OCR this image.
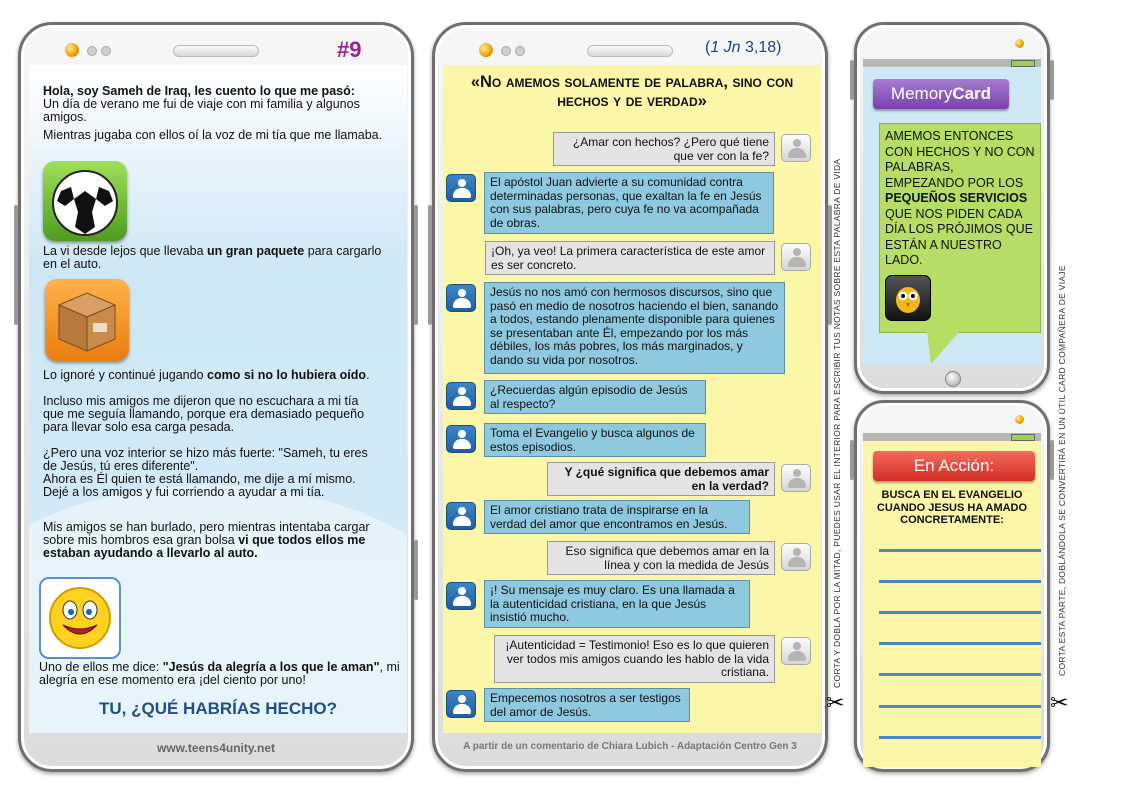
#9
Hola, soy Sameh de Iraq, les cuento lo que me pasó:
Un día de verano me fui de viaje con mi familia y algunos amigos.
Mientras jugaba con ellos oí la voz de mi tía que me llamaba.
La vi desde lejos que llevaba un gran paquete para cargarlo en el auto.
Lo ignoré y continué jugando como si no lo hubiera oído.
Incluso mis amigos me dijeron que no escuchara a mi tía que me seguía llamando, porque era demasiado pequeño para llevar solo esa carga pesada.
¿Pero una voz interior se hizo más fuerte: "Sameh, tu eres de Jesús, tú eres diferente".
Ahora es Él quien te está llamando, me dije a mí mismo.
Dejé a los amigos y fui corriendo a ayudar a mi tía.
Mis amigos se han burlado, pero mientras intentaba cargar sobre mis hombros esa gran bolsa vi que todos ellos me estaban ayudando a llevarlo al auto.
Uno de ellos me dice: "Jesús da alegría a los que le aman", mi alegría en ese momento era ¡del ciento por uno!
TU, ¿QUÉ HABRÍAS HECHO?
www.teens4unity.net
(1 Jn 3,18)
«No amemos solamente de palabra, sino con hechos y de verdad»
A partir de un comentario de Chiara Lubich - Adaptación Centro Gen 3
¿Amar con hechos? ¿Pero qué tiene que ver con la fe?
El apóstol Juan advierte a su comunidad contra determinadas personas, que exaltan la fe en Jesús con sus palabras, pero cuya fe no va acompañada de obras.
¡Oh, ya veo! La primera característica de este amor es ser concreto.
Jesús no nos amó con hermosos discursos, sino que pasó en medio de nosotros haciendo el bien, sanando a todos, estando plenamente disponible para quienes se presentaban ante Él, empezando por los más débiles, los más pobres, los más marginados, y dando su vida por nosotros.
¿Recuerdas algún episodio de Jesús al respecto?
Toma el Evangelio y busca algunos de estos episodios.
Y ¿qué significa que debemos amar en la verdad?
El amor cristiano trata de inspirarse en la verdad del amor que encontramos en Jesús.
Eso significa que debemos amar en la línea y con la medida de Jesús
¡! Su mensaje es muy claro. Es una llamada a la autenticidad cristiana, en la que Jesús insistió mucho.
¡Autenticidad = Testimonio! Eso es lo que quieren ver todos mis amigos cuando les hablo de la vida cristiana.
Empecemos nosotros a ser testigos del amor de Jesús.
CORTA Y DOBLA POR LA MITAD, PUEDES USAR EL INTERIOR PARA ESCRIBIR TUS NOTAS SOBRE ESTA PALABRA DE VIDA
✂
CORTA ESTA PARTE, DOBLÁNDOLA SE CONVERTIRÁ EN UN ÚTIL CARD COMPAÑERA DE VIAJE
✂
MemoryCard
AMEMOS ENTONCES CON HECHOS Y NO CON PALABRAS, EMPEZANDO POR LOS PEQUEÑOS SERVICIOS QUE NOS PIDEN CADA DÍA LOS PRÓJIMOS QUE ESTÁN A NUESTRO LADO.
En Acción:
BUSCA EN EL EVANGELIO CUANDO JESUS HA AMADO CONCRETAMENTE:
